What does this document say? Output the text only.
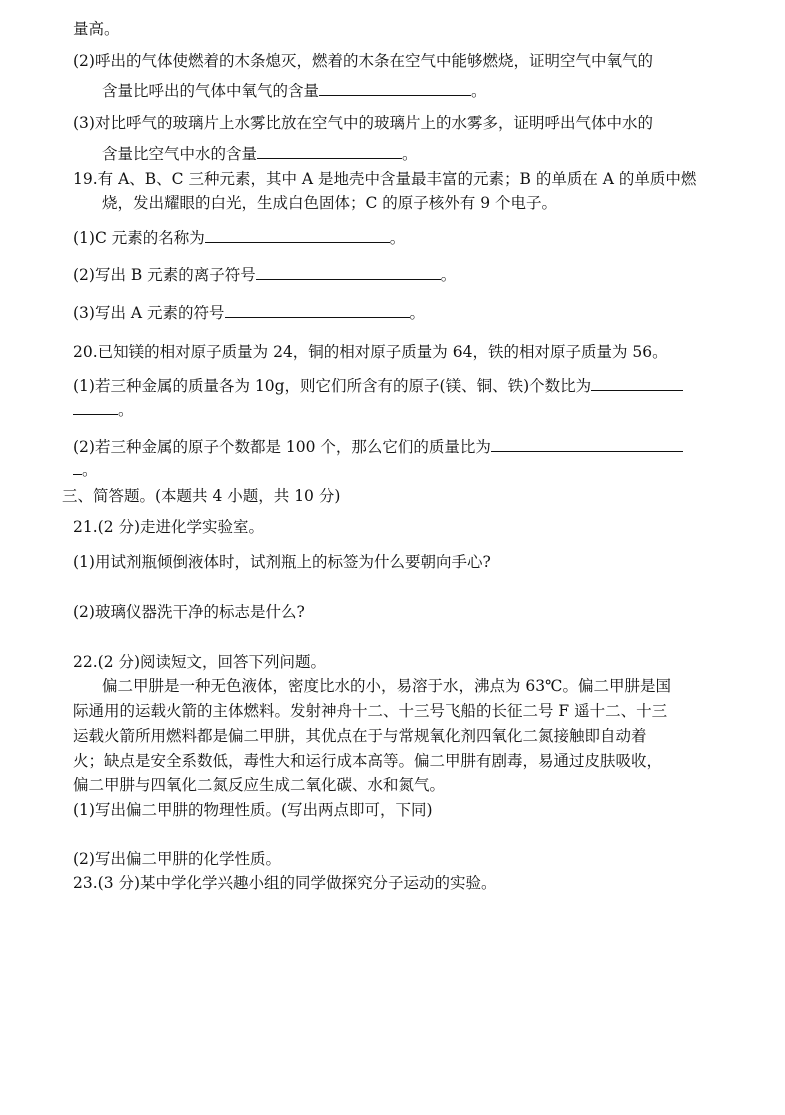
量高。
(2)呼出的气体使燃着的木条熄灭，燃着的木条在空气中能够燃烧，证明空气中氧气的
含量比呼出的气体中氧气的含量	。
(3)对比呼气的玻璃片上水雾比放在空气中的玻璃片上的水雾多，证明呼出气体中水的
含量比空气中水的含量	。
19.有 A、B、C 三种元素，其中 A 是地壳中含量最丰富的元素；B 的单质在 A 的单质中燃
烧，发出耀眼的白光，生成白色固体；C 的原子核外有 9 个电子。
(1)C 元素的名称为	。
(2)写出 B 元素的离子符号	。
(3)写出 A 元素的符号	。
20.已知镁的相对原子质量为 24，铜的相对原子质量为 64，铁的相对原子质量为 56。
(1)若三种金属的质量各为 10g，则它们所含有的原子(镁、铜、铁)个数比为
。
(2)若三种金属的原子个数都是 100 个，那么它们的质量比为
。
三、简答题。(本题共 4 小题，共 10 分)
21.(2 分)走进化学实验室。
(1)用试剂瓶倾倒液体时，试剂瓶上的标签为什么要朝向手心?
(2)玻璃仪器洗干净的标志是什么?
22.(2 分)阅读短文，回答下列问题。
偏二甲肼是一种无色液体，密度比水的小，易溶于水，沸点为 63℃。偏二甲肼是国
际通用的运载火箭的主体燃料。发射神舟十二、十三号飞船的长征二号 F 遥十二、十三
运载火箭所用燃料都是偏二甲肼，其优点在于与常规氧化剂四氧化二氮接触即自动着
火；缺点是安全系数低，毒性大和运行成本高等。偏二甲肼有剧毒，易通过皮肤吸收，
偏二甲肼与四氧化二氮反应生成二氧化碳、水和氮气。
(1)写出偏二甲肼的物理性质。(写出两点即可，下同)
(2)写出偏二甲肼的化学性质。
23.(3 分)某中学化学兴趣小组的同学做探究分子运动的实验。
